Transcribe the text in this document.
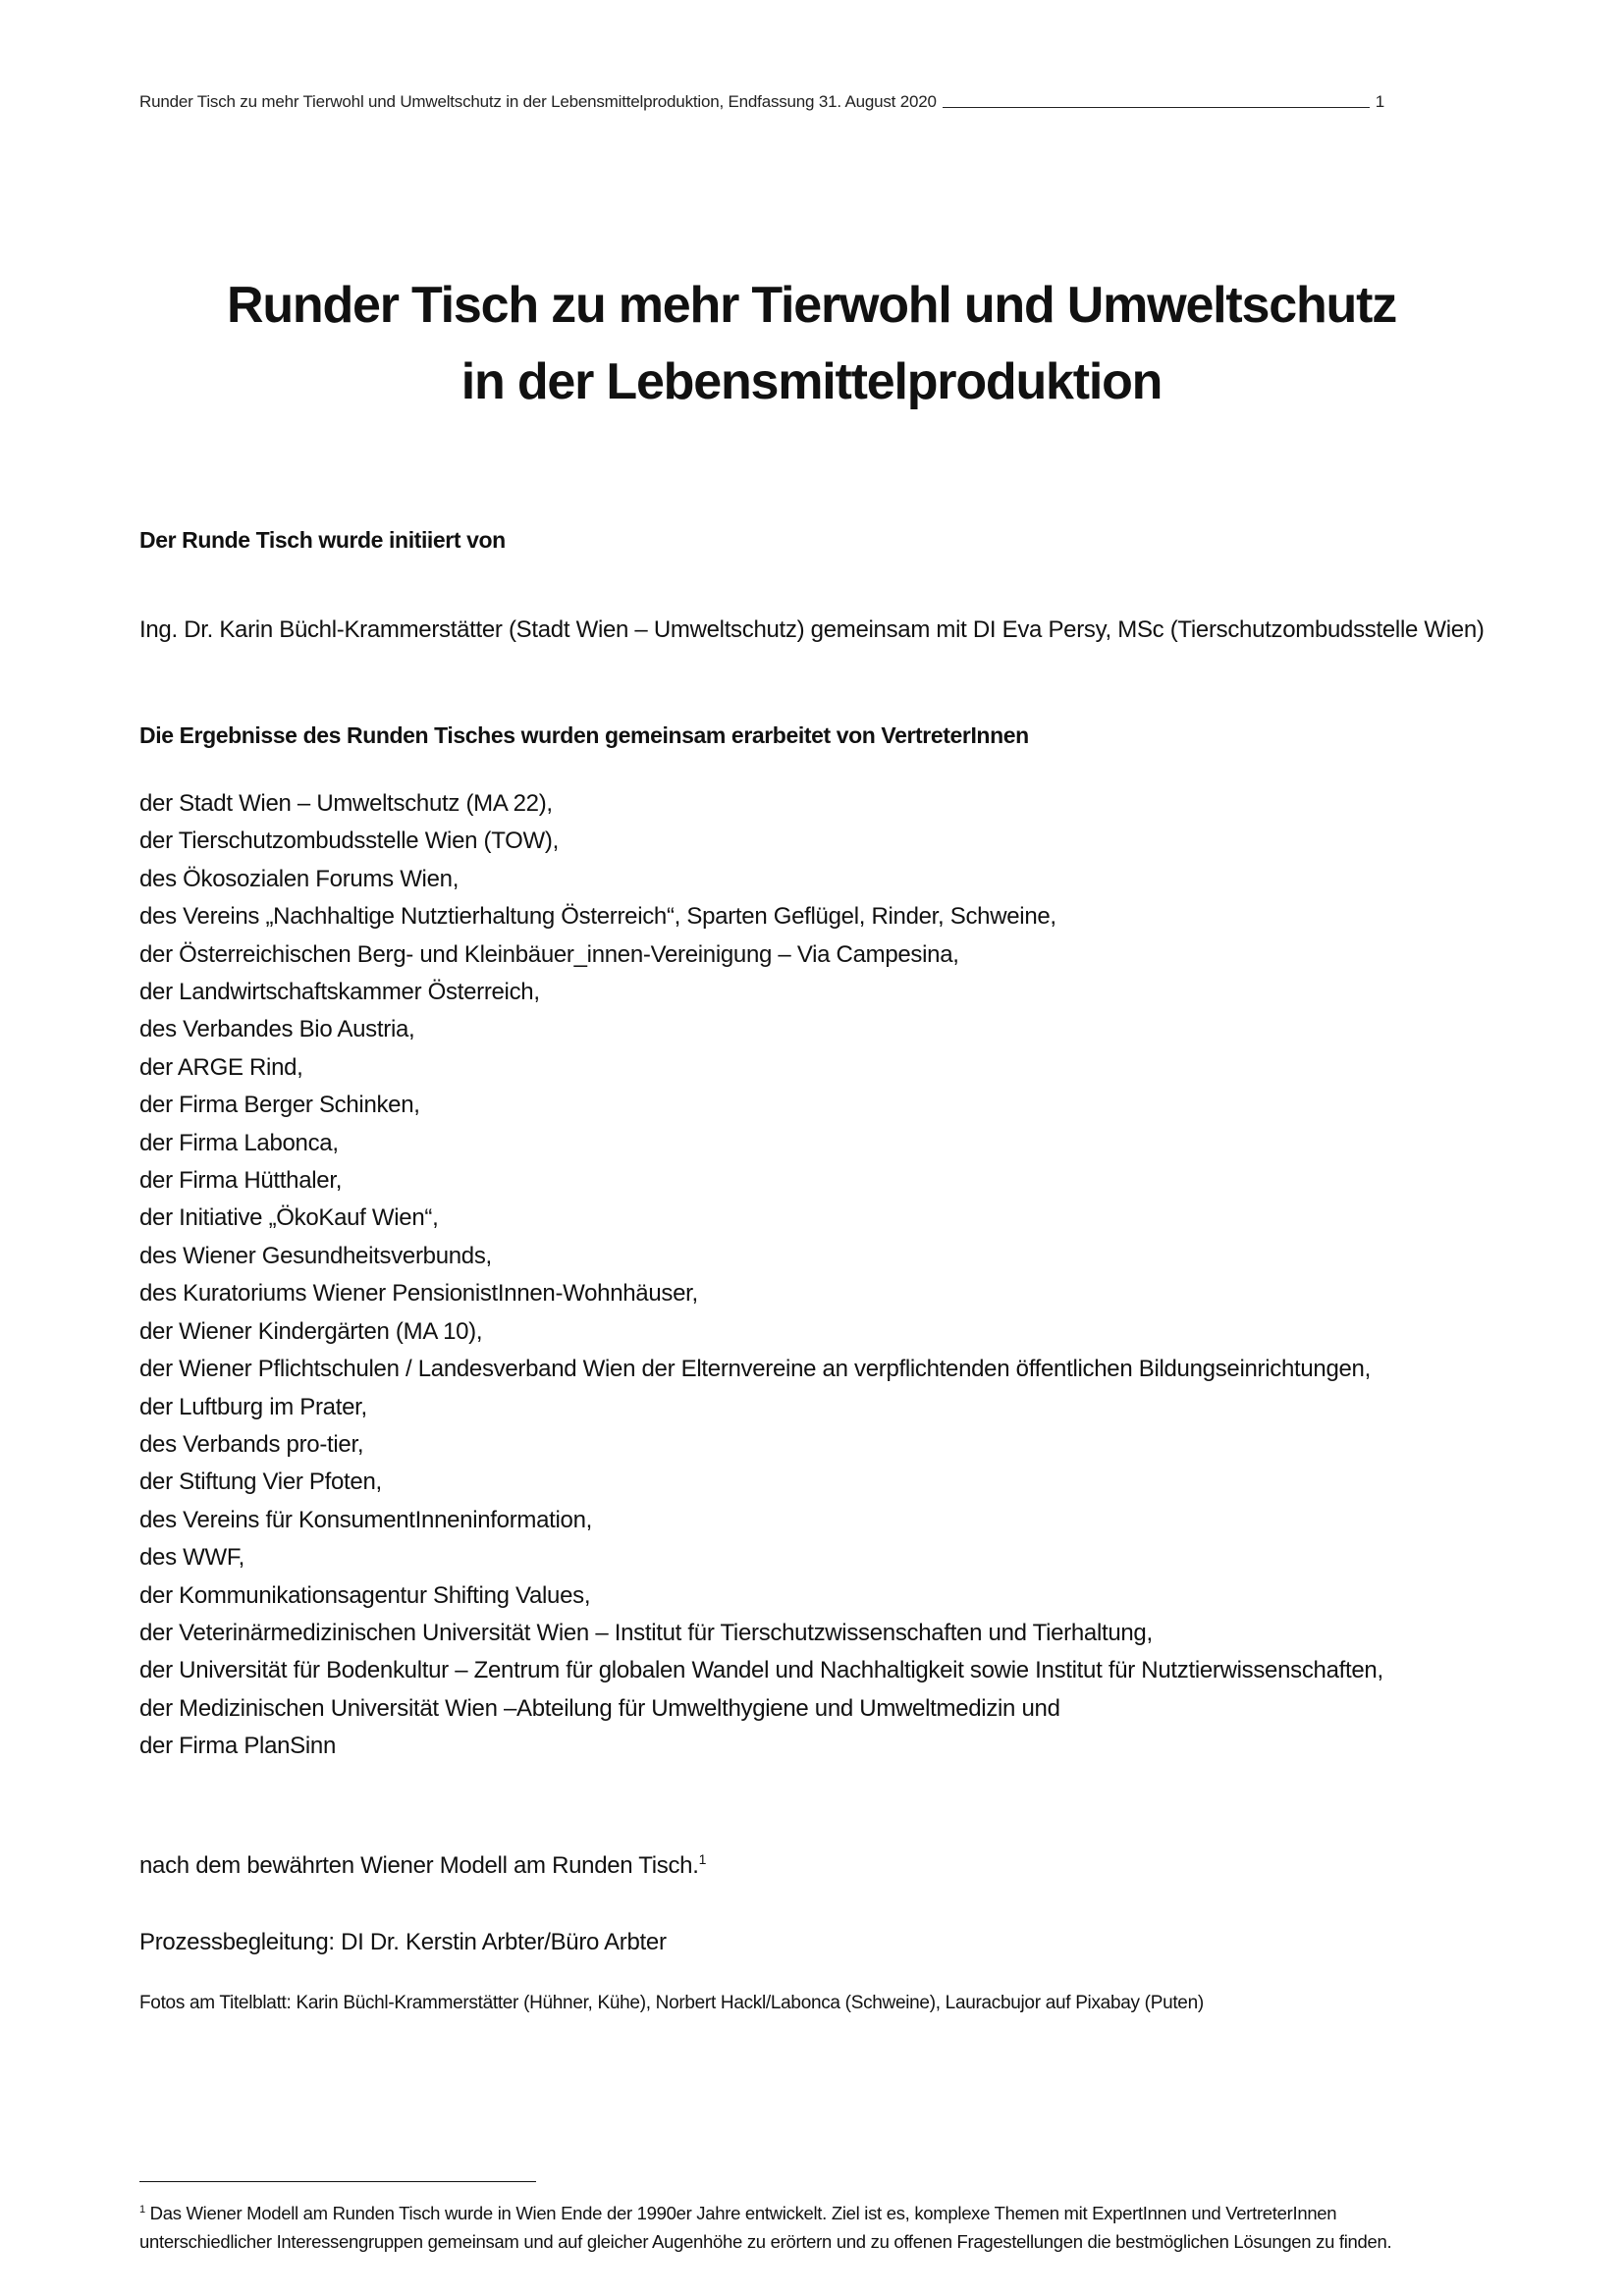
Runder Tisch zu mehr Tierwohl und Umweltschutz in der Lebensmittelproduktion, Endfassung 31. August 2020	1
Runder Tisch zu mehr Tierwohl und Umweltschutz
in der Lebensmittelproduktion
Der Runde Tisch wurde initiiert von
Ing. Dr. Karin Büchl-Krammerstätter (Stadt Wien – Umweltschutz) gemeinsam mit DI Eva Persy, MSc (Tierschutzombudsstelle Wien)
Die Ergebnisse des Runden Tisches wurden gemeinsam erarbeitet von VertreterInnen
der Stadt Wien – Umweltschutz (MA 22),
der Tierschutzombudsstelle Wien (TOW),
des Ökosozialen Forums Wien,
des Vereins „Nachhaltige Nutztierhaltung Österreich“, Sparten Geflügel, Rinder, Schweine,
der Österreichischen Berg- und Kleinbäuer_innen-Vereinigung – Via Campesina,
der Landwirtschaftskammer Österreich,
des Verbandes Bio Austria,
der ARGE Rind,
der Firma Berger Schinken,
der Firma Labonca,
der Firma Hütthaler,
der Initiative „ÖkoKauf Wien“,
des Wiener Gesundheitsverbunds,
des Kuratoriums Wiener PensionistInnen-Wohnhäuser,
der Wiener Kindergärten (MA 10),
der Wiener Pflichtschulen / Landesverband Wien der Elternvereine an verpflichtenden öffentlichen Bildungseinrichtungen,
der Luftburg im Prater,
des Verbands pro-tier,
der Stiftung Vier Pfoten,
des Vereins für KonsumentInneninformation,
des WWF,
der Kommunikationsagentur Shifting Values,
der Veterinärmedizinischen Universität Wien – Institut für Tierschutzwissenschaften und Tierhaltung,
der Universität für Bodenkultur – Zentrum für globalen Wandel und Nachhaltigkeit sowie Institut für Nutztierwissenschaften,
der Medizinischen Universität Wien –Abteilung für Umwelthygiene und Umweltmedizin und
der Firma PlanSinn
nach dem bewährten Wiener Modell am Runden Tisch.$^1$
Prozessbegleitung: DI Dr. Kerstin Arbter/Büro Arbter
Fotos am Titelblatt: Karin Büchl-Krammerstätter (Hühner, Kühe), Norbert Hackl/Labonca (Schweine), Lauracbujor auf Pixabay (Puten)
$^1$ Das Wiener Modell am Runden Tisch wurde in Wien Ende der 1990er Jahre entwickelt. Ziel ist es, komplexe Themen mit ExpertInnen und VertreterInnen
unterschiedlicher Interessengruppen gemeinsam und auf gleicher Augenhöhe zu erörtern und zu offenen Fragestellungen die bestmöglichen Lösungen zu finden.
